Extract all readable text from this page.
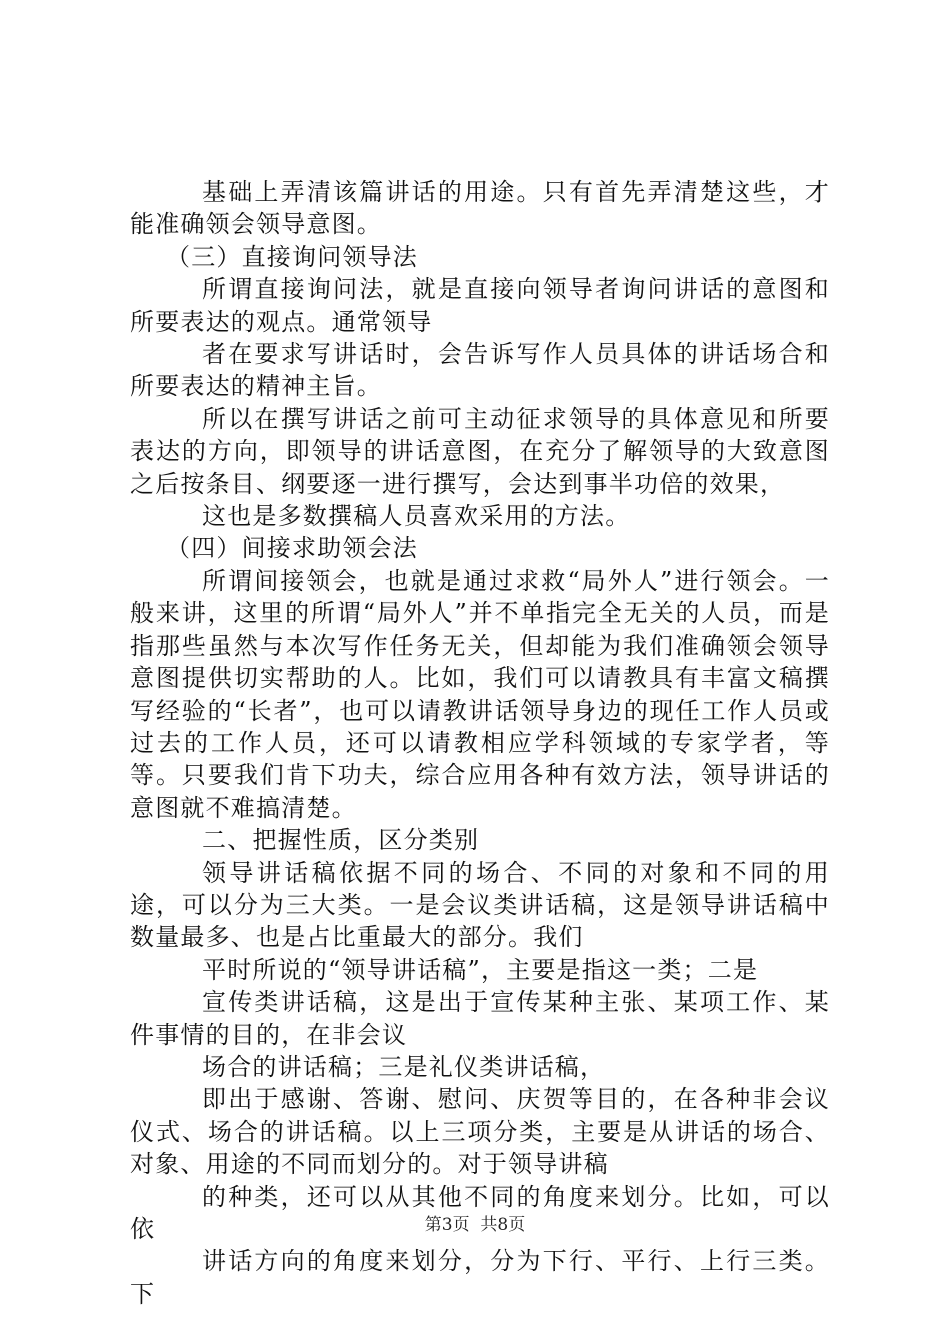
基础上弄清该篇讲话的用途。只有首先弄清楚这些，才能准确领会领导意图。

（三）直接询问领导法

所谓直接询问法，就是直接向领导者询问讲话的意图和所要表达的观点。通常领导

者在要求写讲话时，会告诉写作人员具体的讲话场合和所要表达的精神主旨。

所以在撰写讲话之前可主动征求领导的具体意见和所要表达的方向，即领导的讲话意图，在充分了解领导的大致意图之后按条目、纲要逐一进行撰写，会达到事半功倍的效果，

这也是多数撰稿人员喜欢采用的方法。

（四）间接求助领会法

所谓间接领会，也就是通过求救“局外人”进行领会。一般来讲，这里的所谓“局外人”并不单指完全无关的人员，而是指那些虽然与本次写作任务无关，但却能为我们准确领会领导意图提供切实帮助的人。比如，我们可以请教具有丰富文稿撰写经验的“长者”，也可以请教讲话领导身边的现任工作人员或过去的工作人员，还可以请教相应学科领域的专家学者，等等。只要我们肯下功夫，综合应用各种有效方法，领导讲话的意图就不难搞清楚。

二、把握性质，区分类别

领导讲话稿依据不同的场合、不同的对象和不同的用途，可以分为三大类。一是会议类讲话稿，这是领导讲话稿中数量最多、也是占比重最大的部分。我们

平时所说的“领导讲话稿”，主要是指这一类；二是

宣传类讲话稿，这是出于宣传某种主张、某项工作、某件事情的目的，在非会议

场合的讲话稿；三是礼仪类讲话稿，

即出于感谢、答谢、慰问、庆贺等目的，在各种非会议仪式、场合的讲话稿。以上三项分类，主要是从讲话的场合、对象、用途的不同而划分的。对于领导讲稿

的种类，还可以从其他不同的角度来划分。比如，可以依

讲话方向的角度来划分，分为下行、平行、上行三类。下

第3页  共8页
